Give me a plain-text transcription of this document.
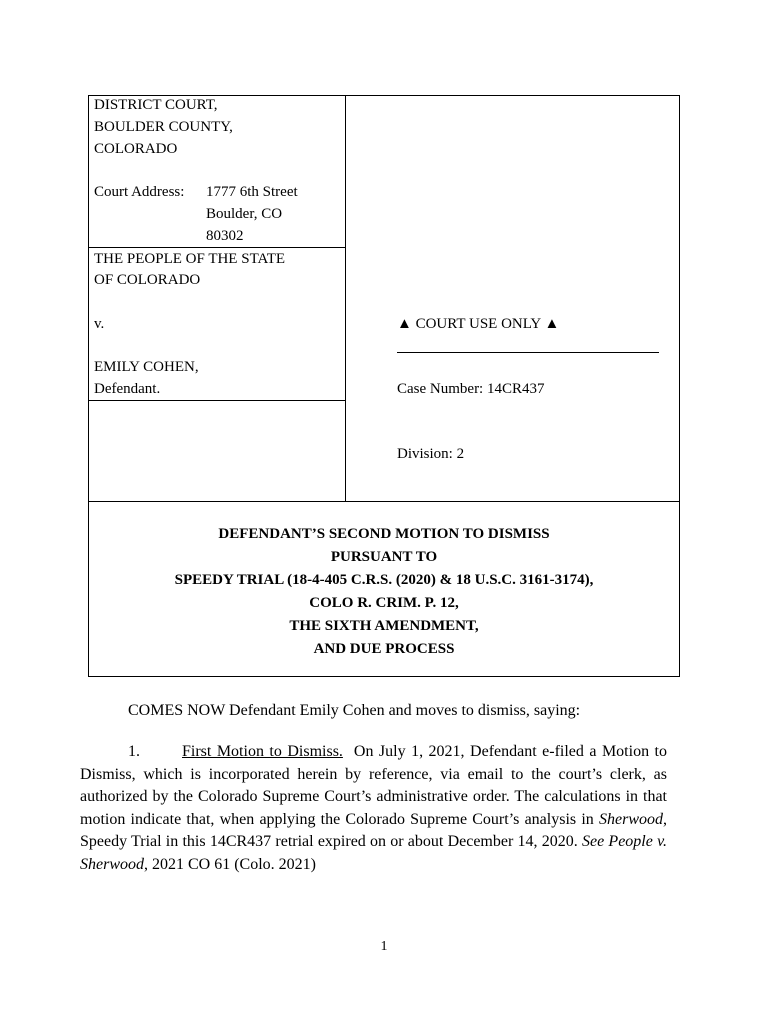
DISTRICT COURT,
BOULDER COUNTY,
COLORADO
Court Address: 1777 6th Street
Boulder, CO
80302
THE PEOPLE OF THE STATE
OF COLORADO
v.
EMILY COHEN,
Defendant.
▲ COURT USE ONLY ▲
Case Number: 14CR437
Division: 2
DEFENDANT’S SECOND MOTION TO DISMISS
PURSUANT TO
SPEEDY TRIAL (18-4-405 C.R.S. (2020) & 18 U.S.C. 3161-3174),
COLO R. CRIM. P. 12,
THE SIXTH AMENDMENT,
AND DUE PROCESS
COMES NOW Defendant Emily Cohen and moves to dismiss, saying:
1.	First Motion to Dismiss. On July 1, 2021, Defendant e-filed a Motion to Dismiss, which is incorporated herein by reference, via email to the court’s clerk, as authorized by the Colorado Supreme Court’s administrative order. The calculations in that motion indicate that, when applying the Colorado Supreme Court’s analysis in Sherwood, Speedy Trial in this 14CR437 retrial expired on or about December 14, 2020. See People v. Sherwood, 2021 CO 61 (Colo. 2021)
1
